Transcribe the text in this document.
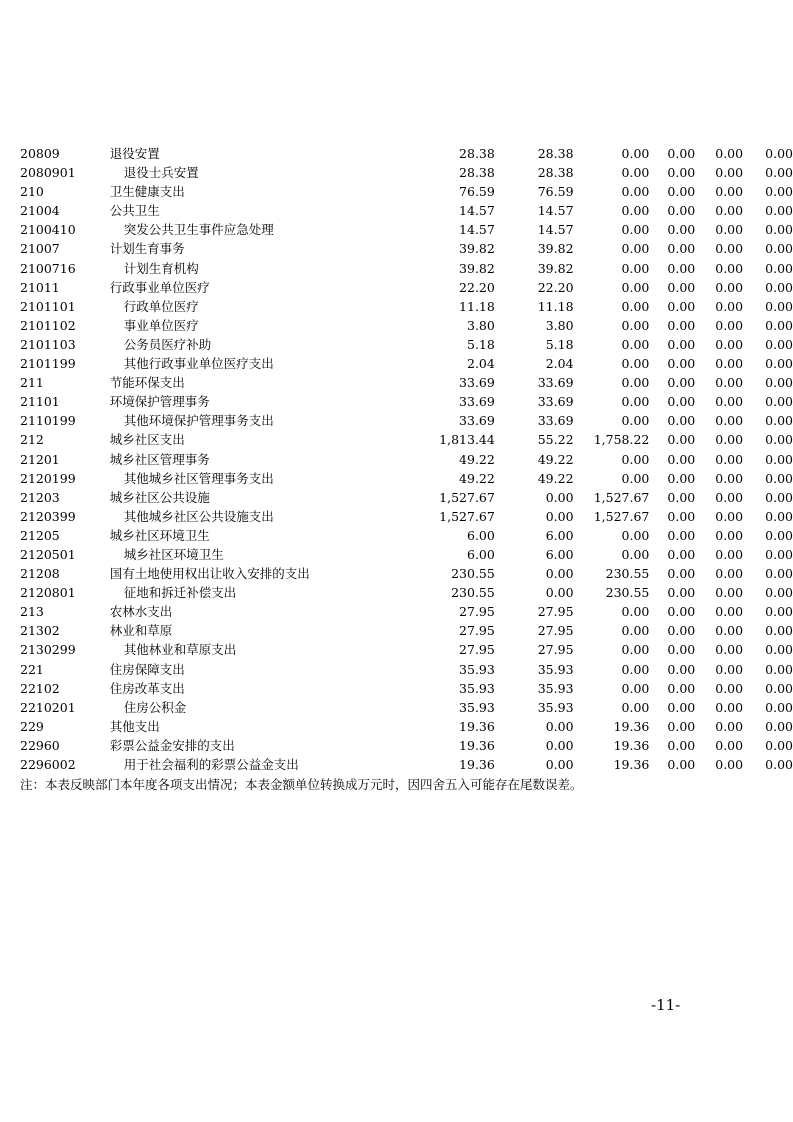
20809	退役安置	28.38	28.38	0.00	0.00	0.00	0.00
2080901	退役士兵安置	28.38	28.38	0.00	0.00	0.00	0.00
210	卫生健康支出	76.59	76.59	0.00	0.00	0.00	0.00
21004	公共卫生	14.57	14.57	0.00	0.00	0.00	0.00
2100410	突发公共卫生事件应急处理	14.57	14.57	0.00	0.00	0.00	0.00
21007	计划生育事务	39.82	39.82	0.00	0.00	0.00	0.00
2100716	计划生育机构	39.82	39.82	0.00	0.00	0.00	0.00
21011	行政事业单位医疗	22.20	22.20	0.00	0.00	0.00	0.00
2101101	行政单位医疗	11.18	11.18	0.00	0.00	0.00	0.00
2101102	事业单位医疗	3.80	3.80	0.00	0.00	0.00	0.00
2101103	公务员医疗补助	5.18	5.18	0.00	0.00	0.00	0.00
2101199	其他行政事业单位医疗支出	2.04	2.04	0.00	0.00	0.00	0.00
211	节能环保支出	33.69	33.69	0.00	0.00	0.00	0.00
21101	环境保护管理事务	33.69	33.69	0.00	0.00	0.00	0.00
2110199	其他环境保护管理事务支出	33.69	33.69	0.00	0.00	0.00	0.00
212	城乡社区支出	1,813.44	55.22	1,758.22	0.00	0.00	0.00
21201	城乡社区管理事务	49.22	49.22	0.00	0.00	0.00	0.00
2120199	其他城乡社区管理事务支出	49.22	49.22	0.00	0.00	0.00	0.00
21203	城乡社区公共设施	1,527.67	0.00	1,527.67	0.00	0.00	0.00
2120399	其他城乡社区公共设施支出	1,527.67	0.00	1,527.67	0.00	0.00	0.00
21205	城乡社区环境卫生	6.00	6.00	0.00	0.00	0.00	0.00
2120501	城乡社区环境卫生	6.00	6.00	0.00	0.00	0.00	0.00
21208	国有土地使用权出让收入安排的支出	230.55	0.00	230.55	0.00	0.00	0.00
2120801	征地和拆迁补偿支出	230.55	0.00	230.55	0.00	0.00	0.00
213	农林水支出	27.95	27.95	0.00	0.00	0.00	0.00
21302	林业和草原	27.95	27.95	0.00	0.00	0.00	0.00
2130299	其他林业和草原支出	27.95	27.95	0.00	0.00	0.00	0.00
221	住房保障支出	35.93	35.93	0.00	0.00	0.00	0.00
22102	住房改革支出	35.93	35.93	0.00	0.00	0.00	0.00
2210201	住房公积金	35.93	35.93	0.00	0.00	0.00	0.00
229	其他支出	19.36	0.00	19.36	0.00	0.00	0.00
22960	彩票公益金安排的支出	19.36	0.00	19.36	0.00	0.00	0.00
2296002	用于社会福利的彩票公益金支出	19.36	0.00	19.36	0.00	0.00	0.00
注：本表反映部门本年度各项支出情况；本表金额单位转换成万元时，因四舍五入可能存在尾数误差。
-11-
